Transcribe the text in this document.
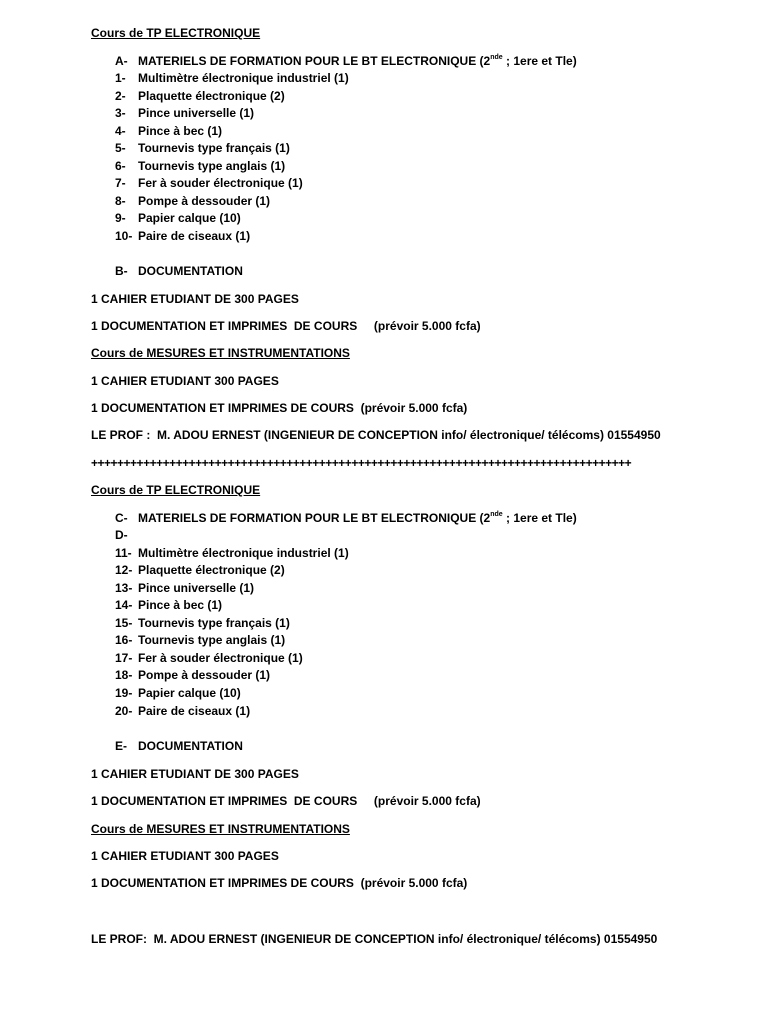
Cours de TP ELECTRONIQUE
A- MATERIELS DE FORMATION POUR LE BT ELECTRONIQUE (2nde ; 1ere et Tle)
1- Multimètre électronique industriel (1)
2- Plaquette électronique (2)
3- Pince universelle (1)
4- Pince à bec (1)
5- Tournevis type français (1)
6- Tournevis type anglais (1)
7- Fer à souder électronique (1)
8- Pompe à dessouder (1)
9- Papier calque (10)
10- Paire de ciseaux (1)
B- DOCUMENTATION
1 CAHIER ETUDIANT DE 300 PAGES
1 DOCUMENTATION ET IMPRIMES  DE COURS     (prévoir 5.000 fcfa)
Cours de MESURES ET INSTRUMENTATIONS
1 CAHIER ETUDIANT 300 PAGES
1 DOCUMENTATION ET IMPRIMES DE COURS  (prévoir 5.000 fcfa)
LE PROF :  M. ADOU ERNEST (INGENIEUR DE CONCEPTION info/ électronique/ télécoms) 01554950
+++++++++++++++++++++++++++++++++++++++++++++++++++++++++++++++++++++++++++++++++++
Cours de TP ELECTRONIQUE
C- MATERIELS DE FORMATION POUR LE BT ELECTRONIQUE (2nde ; 1ere et Tle)
D-
11- Multimètre électronique industriel (1)
12- Plaquette électronique (2)
13- Pince universelle (1)
14- Pince à bec (1)
15- Tournevis type français (1)
16- Tournevis type anglais (1)
17- Fer à souder électronique (1)
18- Pompe à dessouder (1)
19- Papier calque (10)
20- Paire de ciseaux (1)
E- DOCUMENTATION
1 CAHIER ETUDIANT DE 300 PAGES
1 DOCUMENTATION ET IMPRIMES  DE COURS     (prévoir 5.000 fcfa)
Cours de MESURES ET INSTRUMENTATIONS
1 CAHIER ETUDIANT 300 PAGES
1 DOCUMENTATION ET IMPRIMES DE COURS  (prévoir 5.000 fcfa)
LE PROF:  M. ADOU ERNEST (INGENIEUR DE CONCEPTION info/ électronique/ télécoms) 01554950
